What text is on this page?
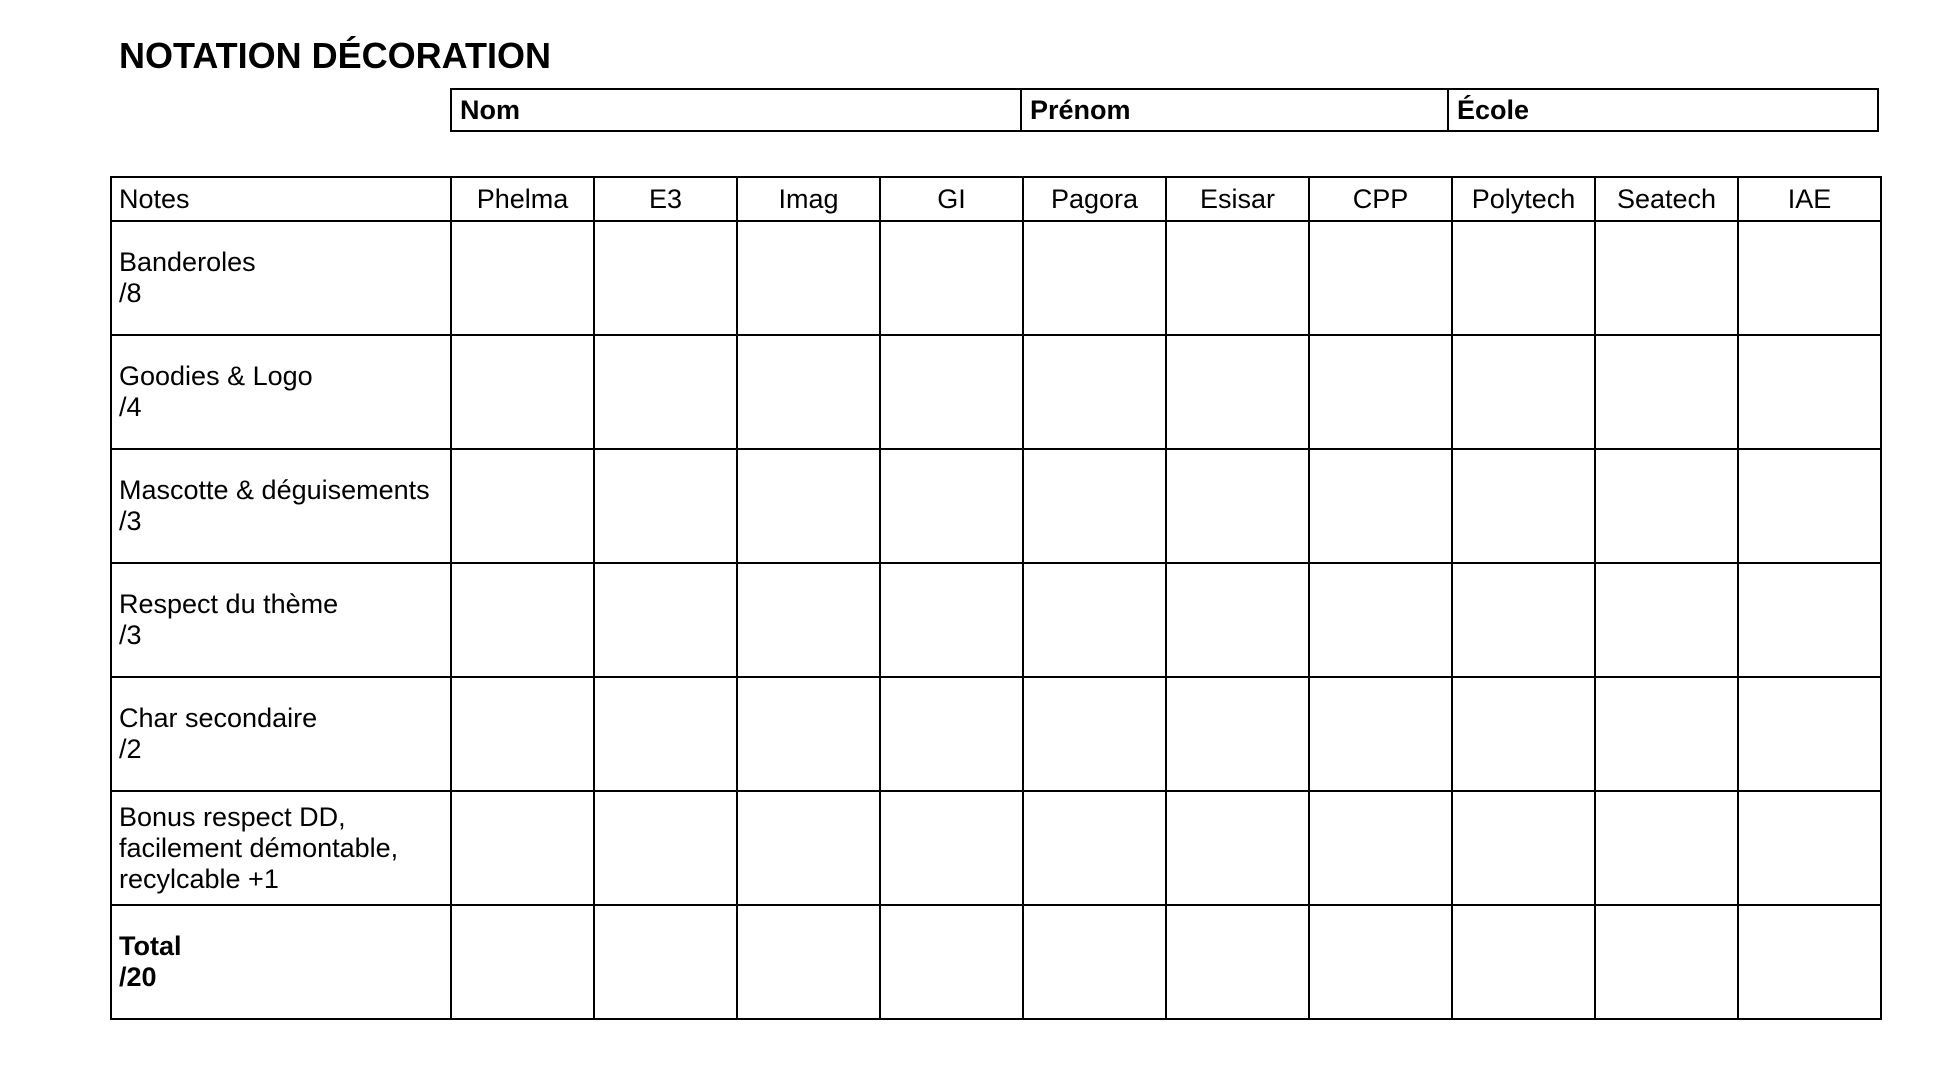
NOTATION DÉCORATION
Nom	Prénom	École
Notes	Phelma	E3	Imag	GI	Pagora	Esisar	CPP	Polytech	Seatech	IAE

Banderoles
/8										

Goodies & Logo
/4										

Mascotte & déguisements
/3										

Respect du thème
/3										

Char secondaire
/2										

Bonus respect DD,
facilement démontable,
recylcable +1										

Total
/20										
